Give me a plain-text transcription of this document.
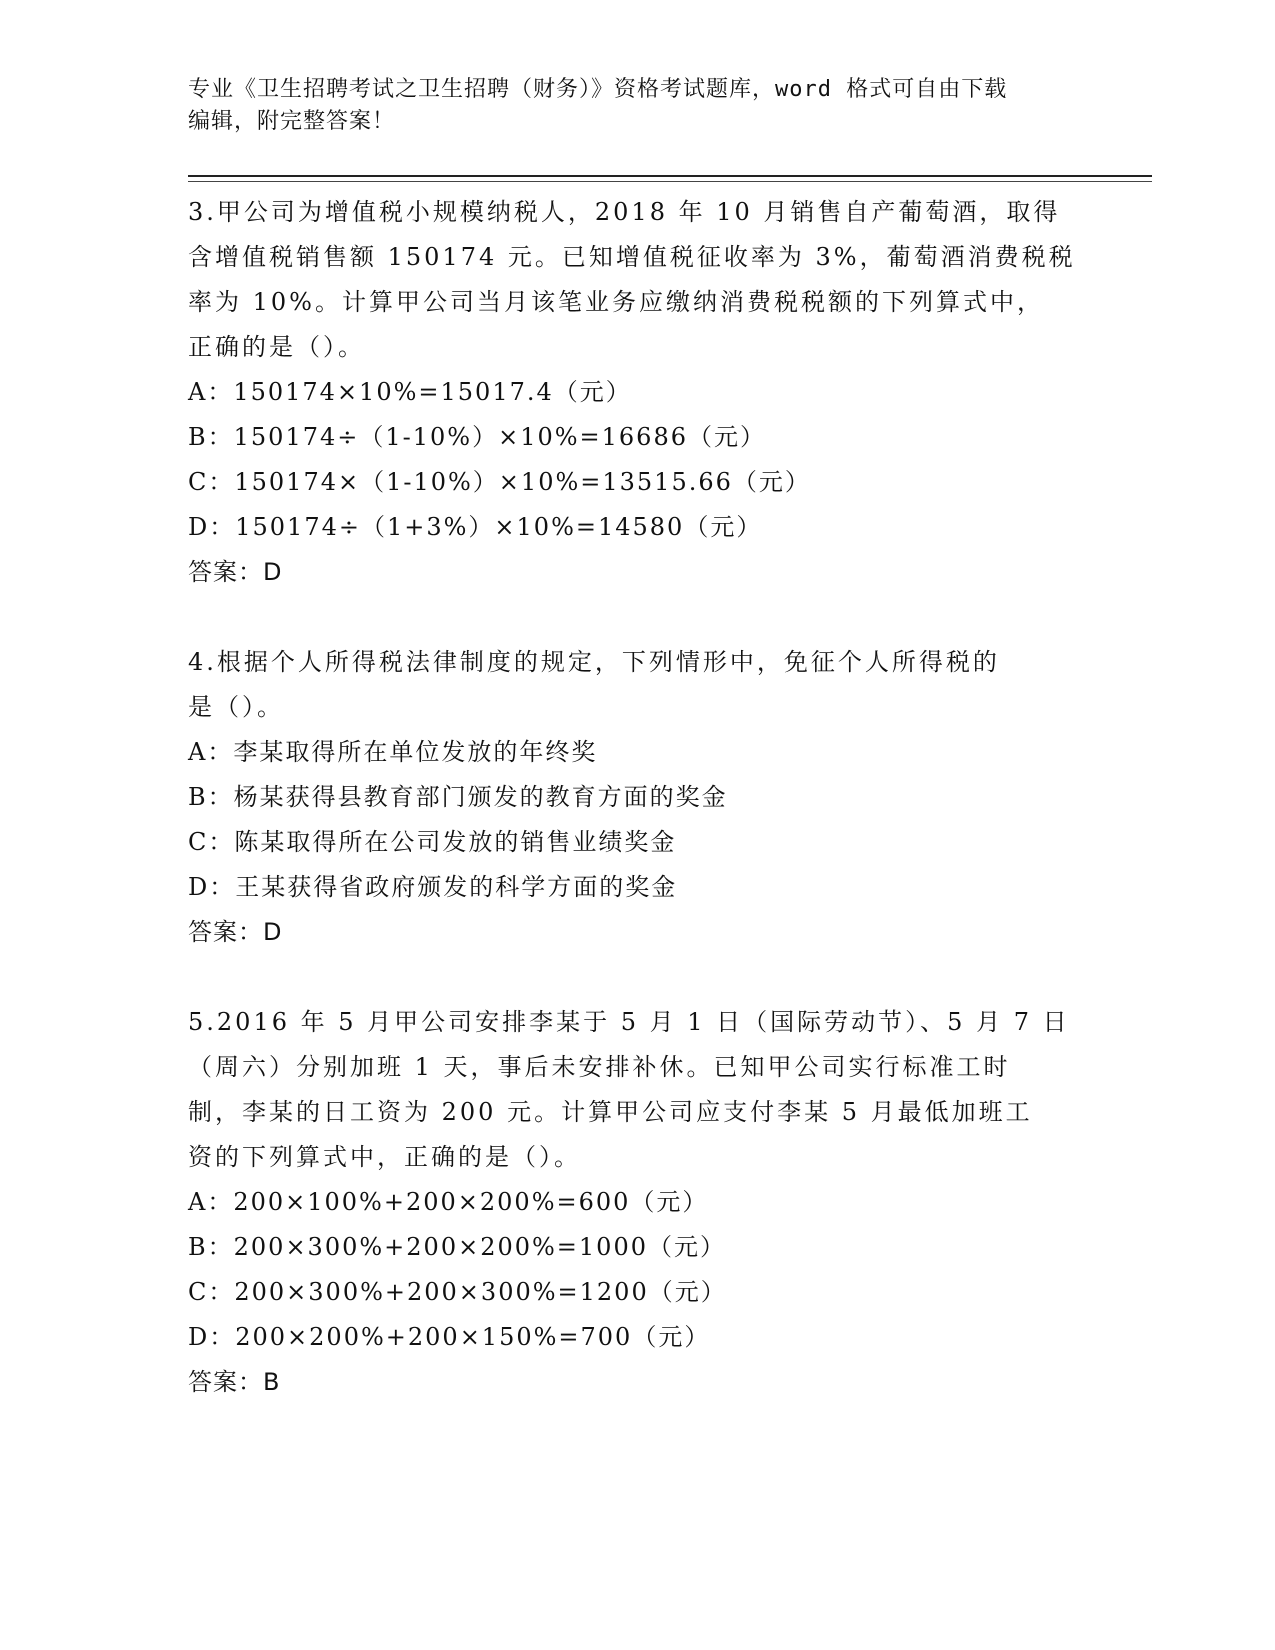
专业《卫生招聘考试之卫生招聘（财务）》资格考试题库，word 格式可自由下载
编辑，附完整答案！
3.甲公司为增值税小规模纳税人，2018 年 10 月销售自产葡萄酒，取得
含增值税销售额 150174 元。已知增值税征收率为 3%，葡萄酒消费税税
率为 10%。计算甲公司当月该笔业务应缴纳消费税税额的下列算式中，
正确的是（）。
A：150174×10%=15017.4（元）
B：150174÷（1-10%）×10%=16686（元）
C：150174×（1-10%）×10%=13515.66（元）
D：150174÷（1+3%）×10%=14580（元）
答案：D
4.根据个人所得税法律制度的规定，下列情形中，免征个人所得税的
是（）。
A：李某取得所在单位发放的年终奖
B：杨某获得县教育部门颁发的教育方面的奖金
C：陈某取得所在公司发放的销售业绩奖金
D：王某获得省政府颁发的科学方面的奖金
答案：D
5.2016 年 5 月甲公司安排李某于 5 月 1 日（国际劳动节）、5 月 7 日
（周六）分别加班 1 天，事后未安排补休。已知甲公司实行标准工时
制，李某的日工资为 200 元。计算甲公司应支付李某 5 月最低加班工
资的下列算式中，正确的是（）。
A：200×100%+200×200%=600（元）
B：200×300%+200×200%=1000（元）
C：200×300%+200×300%=1200（元）
D：200×200%+200×150%=700（元）
答案：B
